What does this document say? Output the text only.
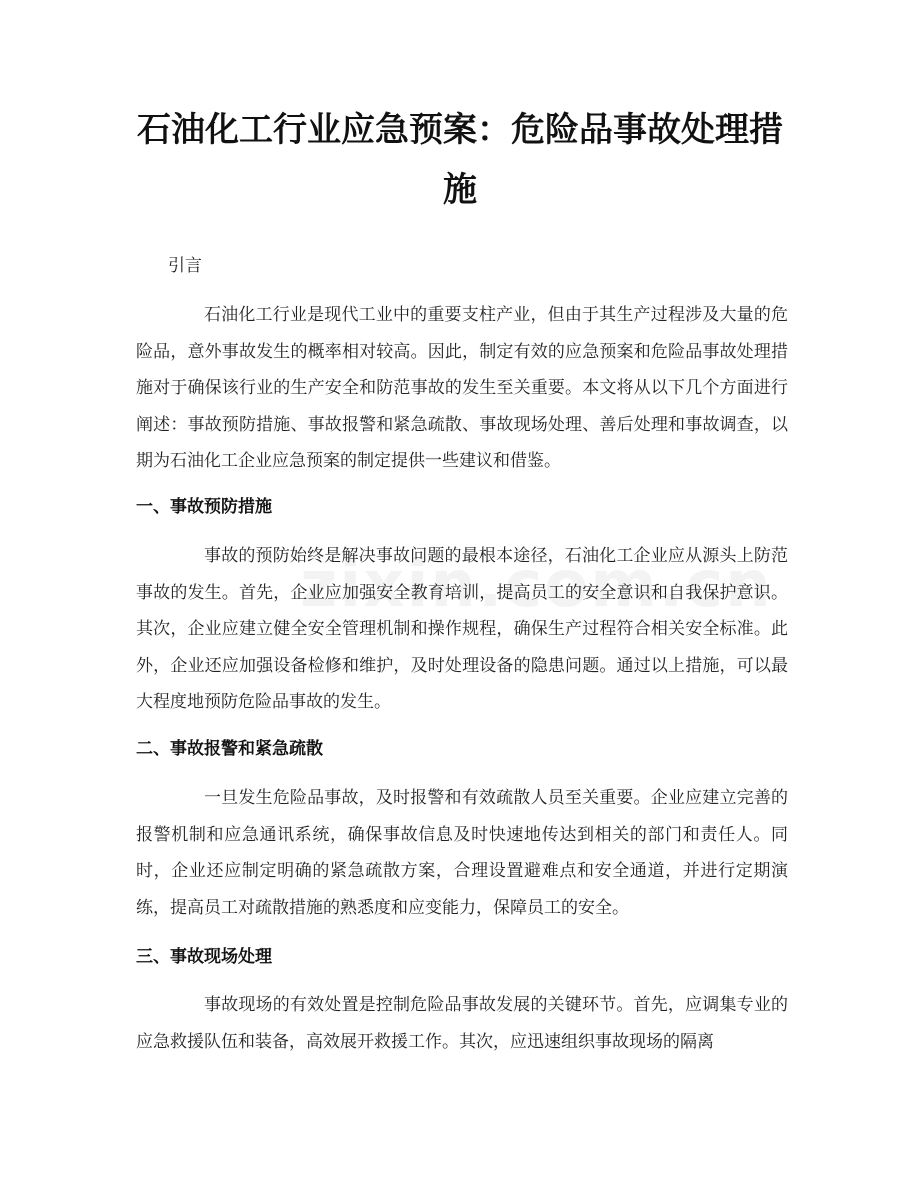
石油化工行业应急预案：危险品事故处理措施
引言

石油化工行业是现代工业中的重要支柱产业，但由于其生产过程涉及大量的危险品，意外事故发生的概率相对较高。因此，制定有效的应急预案和危险品事故处理措施对于确保该行业的生产安全和防范事故的发生至关重要。本文将从以下几个方面进行阐述：事故预防措施、事故报警和紧急疏散、事故现场处理、善后处理和事故调查，以期为石油化工企业应急预案的制定提供一些建议和借鉴。

一、事故预防措施

事故的预防始终是解决事故问题的最根本途径，石油化工企业应从源头上防范事故的发生。首先，企业应加强安全教育培训，提高员工的安全意识和自我保护意识。其次，企业应建立健全安全管理机制和操作规程，确保生产过程符合相关安全标准。此外，企业还应加强设备检修和维护，及时处理设备的隐患问题。通过以上措施，可以最大程度地预防危险品事故的发生。

二、事故报警和紧急疏散

一旦发生危险品事故，及时报警和有效疏散人员至关重要。企业应建立完善的报警机制和应急通讯系统，确保事故信息及时快速地传达到相关的部门和责任人。同时，企业还应制定明确的紧急疏散方案，合理设置避难点和安全通道，并进行定期演练，提高员工对疏散措施的熟悉度和应变能力，保障员工的安全。

三、事故现场处理

事故现场的有效处置是控制危险品事故发展的关键环节。首先，应调集专业的应急救援队伍和装备，高效展开救援工作。其次，应迅速组织事故现场的隔离
